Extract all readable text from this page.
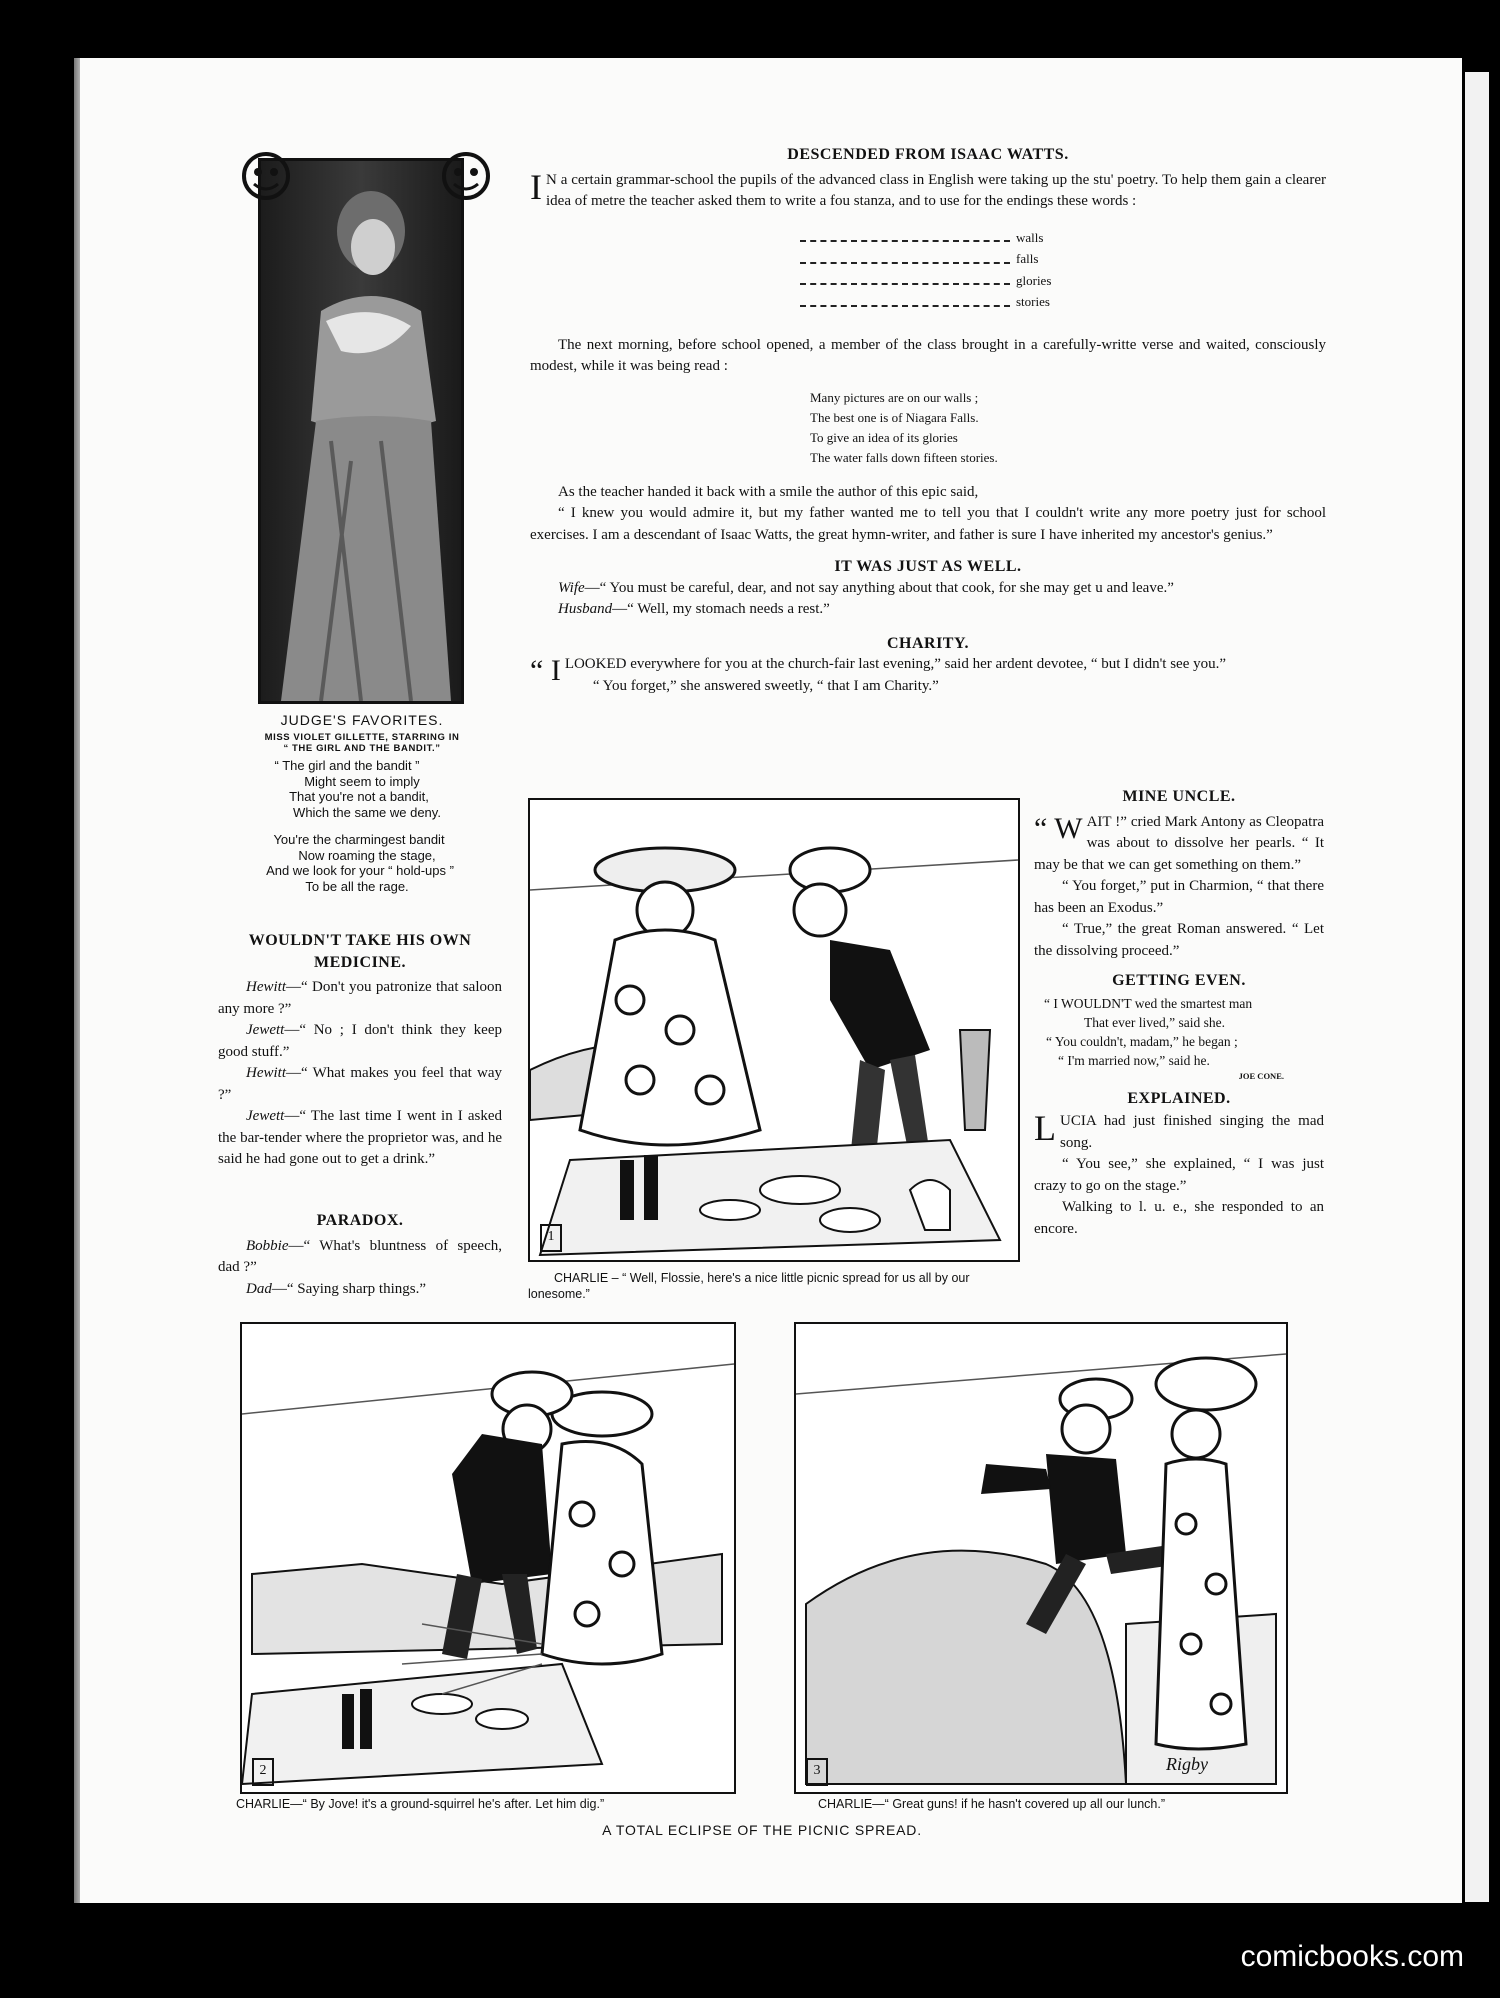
JUDGE'S FAVORITES.
MISS VIOLET GILLETTE, STARRING IN
“ THE GIRL AND THE BANDIT.”
“ The girl and the bandit ”
Might seem to imply
That you're not a bandit,
Which the same we deny.
You're the charmingest bandit
Now roaming the stage,
And we look for your “ hold-ups ”
To be all the rage.
WOULDN'T TAKE HIS OWN
MEDICINE.

Hewitt—“ Don't you patronize that saloon any more ?”

Jewett—“ No ; I don't think they keep good stuff.”

Hewitt—“ What makes you feel that way ?”

Jewett—“ The last time I went in I asked the bar-tender where the proprietor was, and he said he had gone out to get a drink.”

PARADOX.

Bobbie—“ What's bluntness of speech, dad ?”

Dad—“ Saying sharp things.”

DESCENDED FROM ISAAC WATTS.

I N a certain grammar-school the pupils of the advanced class in English were taking up the stu' poetry. To help them gain a clearer idea of metre the teacher asked them to write a fou stanza, and to use for the endings these words :

walls
falls
glories
stories

The next morning, before school opened, a member of the class brought in a carefully-writte verse and waited, consciously modest, while it was being read :

Many pictures are on our walls ;
The best one is of Niagara Falls.
To give an idea of its glories
The water falls down fifteen stories.

As the teacher handed it back with a smile the author of this epic said,

“ I knew you would admire it, but my father wanted me to tell you that I couldn't write any more poetry just for school exercises. I am a descendant of Isaac Watts, the great hymn-writer, and father is sure I have inherited my ancestor's genius.”

IT WAS JUST AS WELL.

Wife—“ You must be careful, dear, and not say anything about that cook, for she may get u and leave.”

Husband—“ Well, my stomach needs a rest.”

CHARITY.

“ I LOOKED everywhere for you at the church-fair last evening,” said her ardent devotee, “ but I didn't see you.”

“ You forget,” she answered sweetly, “ that I am Charity.”

1
CHARLIE – “ Well, Flossie, here's a nice little picnic spread for us all by our lonesome.”
MINE UNCLE.

“ W AIT !” cried Mark Antony as Cleopatra was about to dissolve her pearls. “ It may be that we can get something on them.”

“ You forget,” put in Charmion, “ that there has been an Exodus.”

“ True,” the great Roman answered. “ Let the dissolving proceed.”

GETTING EVEN.
“ I WOULDN'T wed the smartest man
That ever lived,” said she.
“ You couldn't, madam,” he began ;
“ I'm married now,” said he.
JOE CONE.
EXPLAINED.

LUCIA had just finished singing the mad song.

“ You see,” she explained, “ I was just crazy to go on the stage.”

Walking to l. u. e., she responded to an encore.

2
CHARLIE—“ By Jove! it's a ground-squirrel he's after. Let him dig.”
3	Rigby
CHARLIE—“ Great guns! if he hasn't covered up all our lunch.”
A TOTAL ECLIPSE OF THE PICNIC SPREAD.
comicbooks.com
